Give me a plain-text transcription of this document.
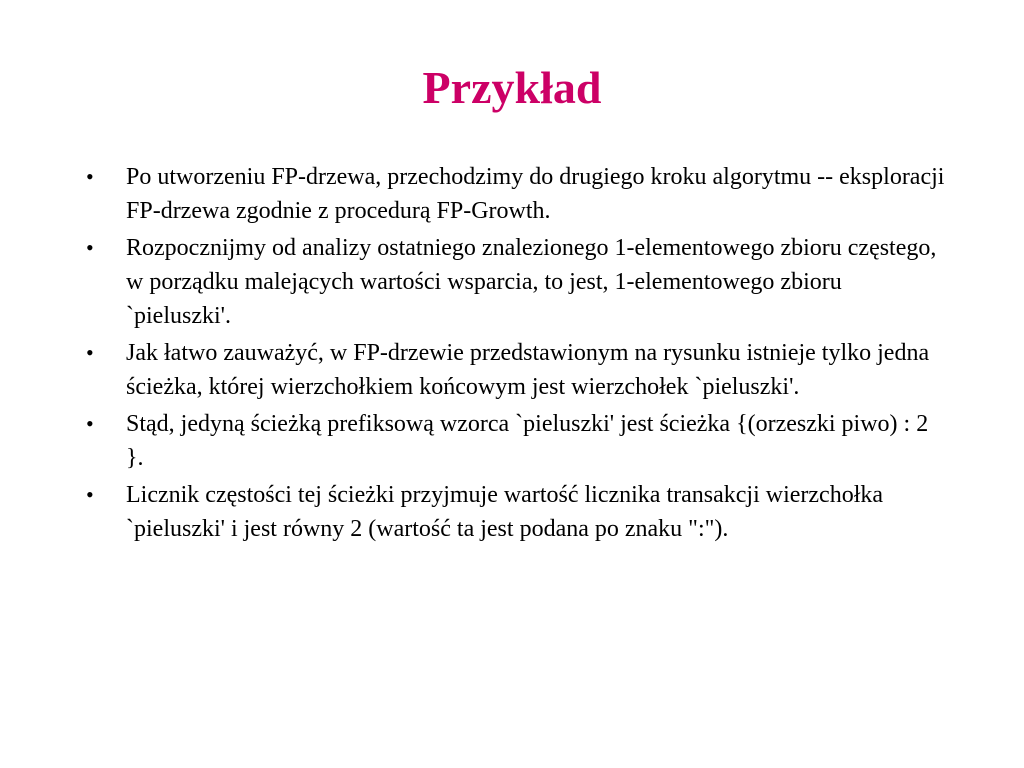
Przykład
•	Po utworzeniu FP-drzewa, przechodzimy do drugiego kroku algorytmu -- eksploracji FP-drzewa zgodnie z procedurą FP-Growth.
•	Rozpocznijmy od analizy ostatniego znalezionego 1-elementowego zbioru częstego, w porządku malejących wartości wsparcia, to jest, 1-elementowego zbioru `pieluszki'.
•	Jak łatwo zauważyć, w FP-drzewie przedstawionym na rysunku istnieje tylko jedna ścieżka, której wierzchołkiem końcowym jest wierzchołek `pieluszki'.
•	Stąd, jedyną ścieżką prefiksową wzorca `pieluszki' jest ścieżka {(orzeszki piwo) : 2 }.
•	Licznik częstości tej ścieżki przyjmuje wartość licznika transakcji wierzchołka `pieluszki' i jest równy 2 (wartość ta jest podana po znaku ":").
